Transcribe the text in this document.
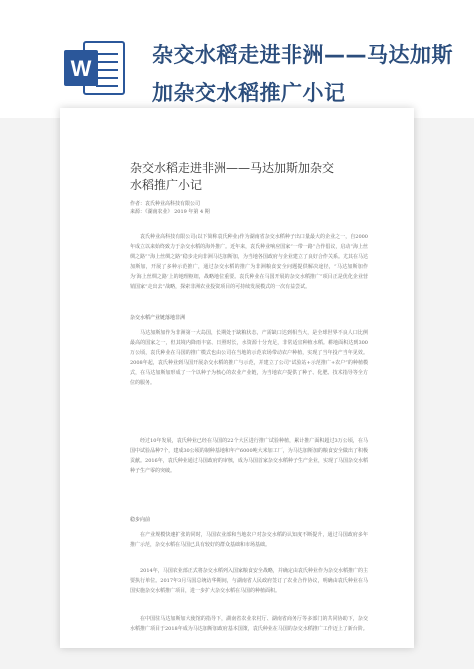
W
杂交水稻走进非洲——马达加斯加杂交水稻推广小记
杂交水稻走进非洲——马达加斯加杂交水稻推广小记
作者：袁氏种业高科技有限公司
来源：《湖南农业》 2019 年第 4 期
袁氏种业高科技有限公司(以下简称袁氏种业)作为湖南省杂交水稻种子出口量最大的企业之一，自2000年成立以来始终致力于杂交水稻的海外推广。近年来，袁氏种业响应国家“一带一路”合作倡议，启动“海上丝绸之路”“海上丝绸之路”稳步走向非洲马达加斯加，为当地各国政府与企业建立了良好合作关系。尤其在马达加斯加，开展了多种示范推广，通过杂交水稻的推广为非洲粮食安全问题提供解决途径，“马达加斯加作为‘海上丝绸之路’上的地理枢纽，战略地位重要。袁氏种业在马国开展的杂交水稻推广”项目正是优化企业营销国家“走出去”战略，探索非洲农业投资项目的可持续发展模式的一次有益尝试。
杂交水稻产业链落地非洲
马达加斯加作为非洲第一大岛国，长期处于缺粮状态，产需缺口达到相当大，是全球世界不良人口比例最高的国家之一，但其境内降雨丰富、日照时长，水资源十分充足，非常适宜种植水稻。耕地面积达到300万公顷，袁氏种业在马国的推广模式也由公司在当地的示范农场带动农户种植，实现了当年投产当年见效。2008年起，袁氏种业到马国开展杂交水稻的推广与示范，并建立了公司“试验站+示范推广+农户”的种植模式，在马达加斯加形成了一个以种子为核心的农业产业链，为当地农户提供了种子、化肥、技术指导等全方位的服务。
经过10年发展，袁氏种业已经在马国的22个大区进行推广试验种植，累计推广面积超过3万公顷，在马国中试验品种7个，建成30公顷的制种基地和年产6000吨大米加工厂，为马达加斯加的粮食安全做出了积极贡献。2016年，袁氏种业通过马国政府的审核，成为马国首家杂交水稻种子生产企业，实现了马国杂交水稻种子生产零的突破。
稳步向前
在产业规模快速扩张的同时，马国农业部和当地农户对杂交水稻的认知度不断提升，通过马国政府多年推广示范，杂交水稻在马国已具有较好的群众基础和市场基础。
2014年，马国农业部正式将杂交水稻列入国家粮食安全战略，并确定由袁氏种业作为杂交水稻推广的主要执行单位。2017年3月马国总统访华期间，与湖南省人民政府签订了农业合作协议，明确由袁氏种业在马国实施杂交水稻推广项目，进一步扩大杂交水稻在马国的种植面积。
在中国驻马达加斯加大使馆的指导下，湖南省农业农村厅、湖南省商务厅等多部门的共同协助下，杂交水稻推广项目于2018年成为马达加斯加政府基本国策，袁氏种业在马国的杂交水稻推广工作迈上了新台阶。
